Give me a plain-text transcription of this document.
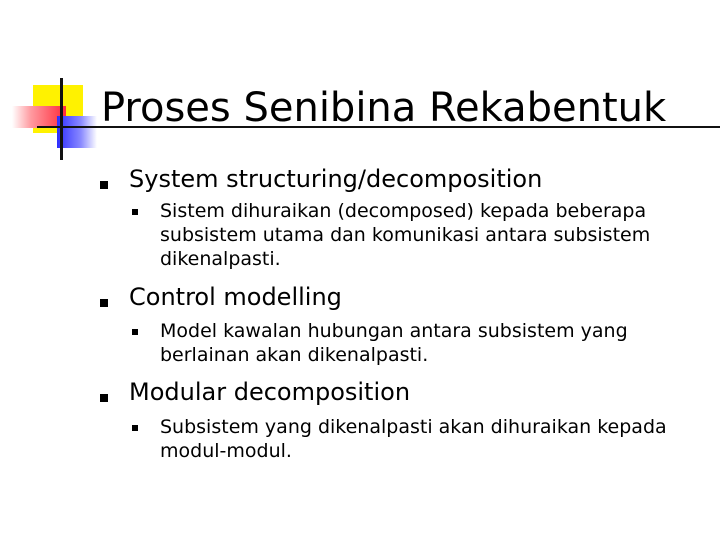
Proses Senibina Rekabentuk

System structuring/decomposition

Sistem dihuraikan (decomposed) kepada beberapa subsistem utama dan komunikasi antara subsistem dikenalpasti.

Control modelling

Model kawalan hubungan antara subsistem yang berlainan akan dikenalpasti.

Modular decomposition

Subsistem yang dikenalpasti akan dihuraikan kepada modul-modul.
